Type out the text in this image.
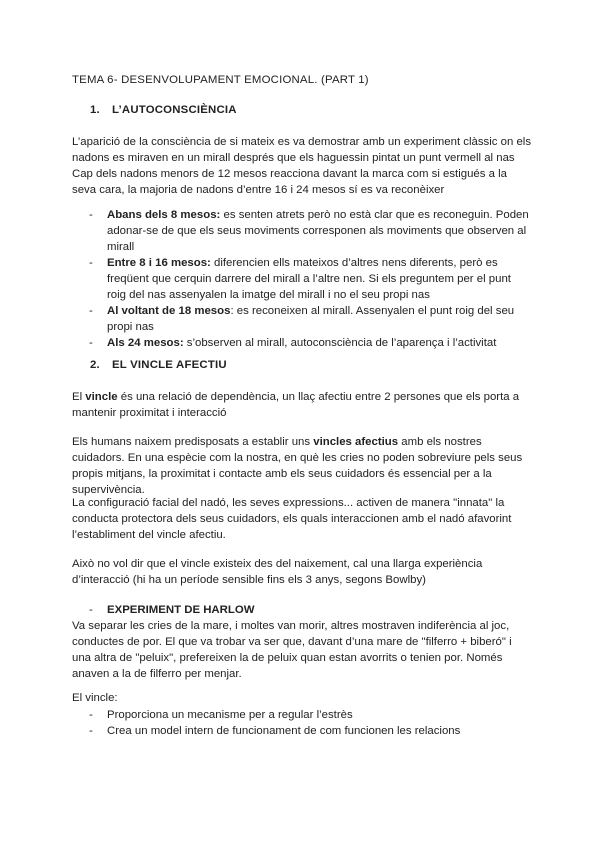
TEMA 6- DESENVOLUPAMENT EMOCIONAL. (PART 1)

1. L’AUTOCONSCIÈNCIA

L’aparició de la consciència de si mateix es va demostrar amb un experiment clàssic on els nadons es miraven en un mirall després que els haguessin pintat un punt vermell al nas Cap dels nadons menors de 12 mesos reacciona davant la marca com si estigués a la seva cara, la majoria de nadons d’entre 16 i 24 mesos sí es va reconèixer

- Abans dels 8 mesos: es senten atrets però no està clar que es reconeguin. Poden adonar-se de que els seus moviments corresponen als moviments que observen al mirall
- Entre 8 i 16 mesos: diferencien ells mateixos d’altres nens diferents, però es freqüent que cerquin darrere del mirall a l’altre nen. Si els preguntem per el punt roig del nas assenyalen la imatge del mirall i no el seu propi nas
- Al voltant de 18 mesos: es reconeixen al mirall. Assenyalen el punt roig del seu propi nas
- Als 24 mesos: s’observen al mirall, autoconsciència de l’aparença i l’activitat

2. EL VINCLE AFECTIU

El vincle és una relació de dependència, un llaç afectiu entre 2 persones que els porta a mantenir proximitat i interacció

Els humans naixem predisposats a establir uns vincles afectius amb els nostres cuidadors. En una espècie com la nostra, en què les cries no poden sobreviure pels seus propis mitjans, la proximitat i contacte amb els seus cuidadors és essencial per a la supervivència.

La configuració facial del nadó, les seves expressions... activen de manera "innata" la conducta protectora dels seus cuidadors, els quals interaccionen amb el nadó afavorint l’establiment del vincle afectiu.

Això no vol dir que el vincle existeix des del naixement, cal una llarga experiència d’interacció (hi ha un període sensible fins els 3 anys, segons Bowlby)

- EXPERIMENT DE HARLOW

Va separar les cries de la mare, i moltes van morir, altres mostraven indiferència al joc, conductes de por. El que va trobar va ser que, davant d’una mare de "filferro + biberó" i una altra de "peluix", prefereixen la de peluix quan estan avorrits o tenien por. Només anaven a la de filferro per menjar.

El vincle:

- Proporciona un mecanisme per a regular l’estrès
- Crea un model intern de funcionament de com funcionen les relacions
